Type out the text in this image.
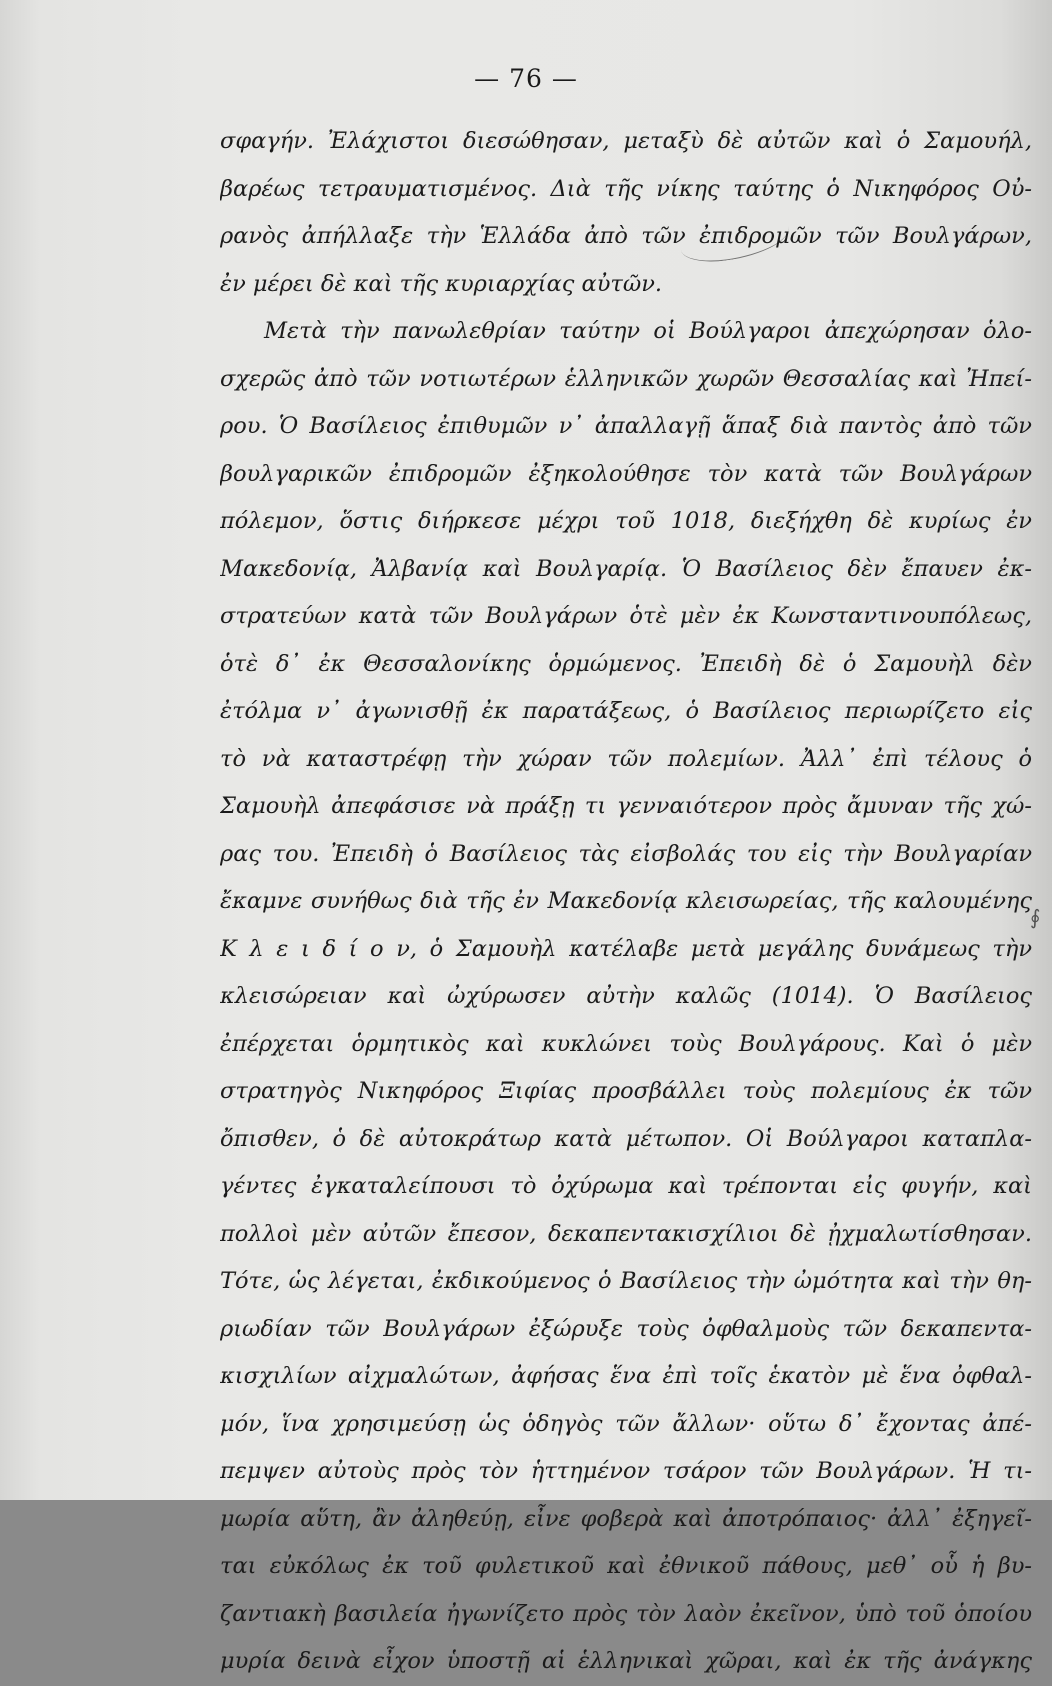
— 76 —
∮
σφαγήν. Ἐλάχιστοι διεσώθησαν, μεταξὺ δὲ αὐτῶν καὶ ὁ Σαμουήλ,
βαρέως τετραυματισμένος. Διὰ τῆς νίκης ταύτης ὁ Νικηφόρος Οὐ-
ρανὸς ἀπήλλαξε τὴν Ἑλλάδα ἀπὸ τῶν ἐπιδρομῶν τῶν Βουλγάρων,
ἐν μέρει δὲ καὶ τῆς κυριαρχίας αὐτῶν.
Μετὰ τὴν πανωλεθρίαν ταύτην οἱ Βούλγαροι ἀπεχώρησαν ὁλο-
σχερῶς ἀπὸ τῶν νοτιωτέρων ἑλληνικῶν χωρῶν Θεσσαλίας καὶ Ἠπεί-
ρου. Ὁ Βασίλειος ἐπιθυμῶν ν᾿ ἀπαλλαγῇ ἅπαξ διὰ παντὸς ἀπὸ τῶν
βουλγαρικῶν ἐπιδρομῶν ἐξηκολούθησε τὸν κατὰ τῶν Βουλγάρων
πόλεμον, ὅστις διήρκεσε μέχρι τοῦ 1018, διεξήχθη δὲ κυρίως ἐν
Μακεδονίᾳ, Ἀλβανίᾳ καὶ Βουλγαρίᾳ. Ὁ Βασίλειος δὲν ἔπαυεν ἐκ-
στρατεύων κατὰ τῶν Βουλγάρων ὁτὲ μὲν ἐκ Κωνσταντινουπόλεως,
ὁτὲ δ᾿ ἐκ Θεσσαλονίκης ὁρμώμενος. Ἐπειδὴ δὲ ὁ Σαμουὴλ δὲν
ἐτόλμα ν᾿ ἀγωνισθῇ ἐκ παρατάξεως, ὁ Βασίλειος περιωρίζετο εἰς
τὸ νὰ καταστρέφῃ τὴν χώραν τῶν πολεμίων. Ἀλλ᾿ ἐπὶ τέλους ὁ
Σαμουὴλ ἀπεφάσισε νὰ πράξῃ τι γενναιότερον πρὸς ἄμυναν τῆς χώ-
ρας του. Ἐπειδὴ ὁ Βασίλειος τὰς εἰσβολάς του εἰς τὴν Βουλγαρίαν
ἔκαμνε συνήθως διὰ τῆς ἐν Μακεδονίᾳ κλεισωρείας, τῆς καλουμένης
Κ λ ε ι δ ί ο ν, ὁ Σαμουὴλ κατέλαβε μετὰ μεγάλης δυνάμεως τὴν
κλεισώρειαν καὶ ὠχύρωσεν αὐτὴν καλῶς (1014). Ὁ Βασίλειος
ἐπέρχεται ὁρμητικὸς καὶ κυκλώνει τοὺς Βουλγάρους. Καὶ ὁ μὲν
στρατηγὸς Νικηφόρος Ξιφίας προσβάλλει τοὺς πολεμίους ἐκ τῶν
ὄπισθεν, ὁ δὲ αὐτοκράτωρ κατὰ μέτωπον. Οἱ Βούλγαροι καταπλα-
γέντες ἐγκαταλείπουσι τὸ ὀχύρωμα καὶ τρέπονται εἰς φυγήν, καὶ
πολλοὶ μὲν αὐτῶν ἔπεσον, δεκαπεντακισχίλιοι δὲ ᾐχμαλωτίσθησαν.
Τότε, ὡς λέγεται, ἐκδικούμενος ὁ Βασίλειος τὴν ὠμότητα καὶ τὴν θη-
ριωδίαν τῶν Βουλγάρων ἐξώρυξε τοὺς ὀφθαλμοὺς τῶν δεκαπεντα-
κισχιλίων αἰχμαλώτων, ἀφήσας ἕνα ἐπὶ τοῖς ἑκατὸν μὲ ἕνα ὀφθαλ-
μόν, ἵνα χρησιμεύσῃ ὡς ὁδηγὸς τῶν ἄλλων· οὕτω δ᾿ ἔχοντας ἀπέ-
πεμψεν αὐτοὺς πρὸς τὸν ἡττημένον τσάρον τῶν Βουλγάρων. Ἡ τι-
μωρία αὕτη, ἂν ἀληθεύῃ, εἶνε φοβερὰ καὶ ἀποτρόπαιος· ἀλλ᾿ ἐξηγεῖ-
ται εὐκόλως ἐκ τοῦ φυλετικοῦ καὶ ἐθνικοῦ πάθους, μεθ᾿ οὗ ἡ βυ-
ζαντιακὴ βασιλεία ἠγωνίζετο πρὸς τὸν λαὸν ἐκεῖνον, ὑπὸ τοῦ ὁποίου
μυρία δεινὰ εἶχον ὑποστῇ αἱ ἑλληνικαὶ χῶραι, καὶ ἐκ τῆς ἀνάγκης
